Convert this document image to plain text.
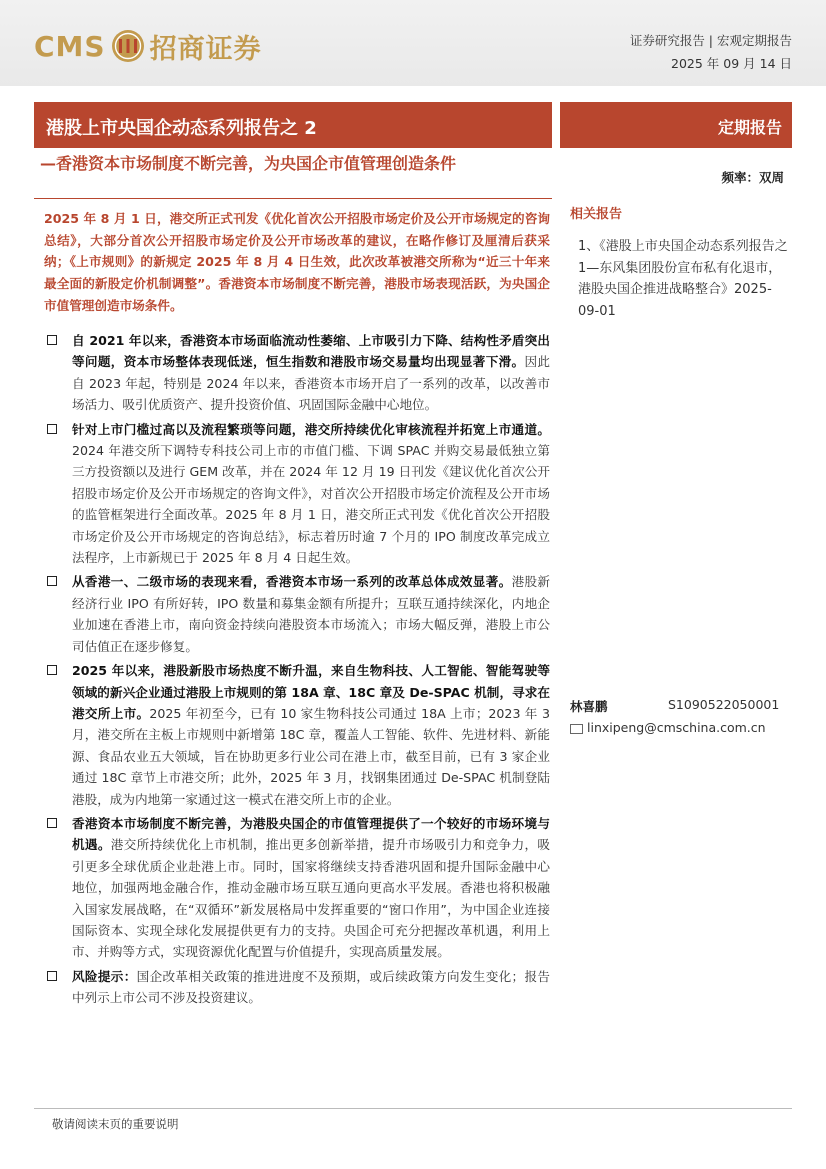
CMS 招商证券	证券研究报告 | 宏观定期报告
2025 年 09 月 14 日
港股上市央国企动态系列报告之 2
—香港资本市场制度不断完善，为央国企市值管理创造条件
定期报告
频率：双周
相关报告
1、《港股上市央国企动态系列报告之 1—东风集团股份宣布私有化退市，港股央国企推进战略整合》2025-09-01
2025 年 8 月 1 日，港交所正式刊发《优化首次公开招股市场定价及公开市场规定的咨询总结》，大部分首次公开招股市场定价及公开市场改革的建议，在略作修订及厘清后获采纳；《上市规则》的新规定 2025 年 8 月 4 日生效，此次改革被港交所称为“近三十年来最全面的新股定价机制调整”。香港资本市场制度不断完善，港股市场表现活跃，为央国企市值管理创造市场条件。
自 2021 年以来，香港资本市场面临流动性萎缩、上市吸引力下降、结构性矛盾突出等问题，资本市场整体表现低迷，恒生指数和港股市场交易量均出现显著下滑。因此自 2023 年起，特别是 2024 年以来，香港资本市场开启了一系列的改革，以改善市场活力、吸引优质资产、提升投资价值、巩固国际金融中心地位。
针对上市门槛过高以及流程繁琐等问题，港交所持续优化审核流程并拓宽上市通道。2024 年港交所下调特专科技公司上市的市值门槛、下调 SPAC 并购交易最低独立第三方投资额以及进行 GEM 改革，并在 2024 年 12 月 19 日刊发《建议优化首次公开招股市场定价及公开市场规定的咨询文件》，对首次公开招股市场定价流程及公开市场的监管框架进行全面改革。2025 年 8 月 1 日，港交所正式刊发《优化首次公开招股市场定价及公开市场规定的咨询总结》，标志着历时逾 7 个月的 IPO 制度改革完成立法程序，上市新规已于 2025 年 8 月 4 日起生效。
从香港一、二级市场的表现来看，香港资本市场一系列的改革总体成效显著。港股新经济行业 IPO 有所好转，IPO 数量和募集金额有所提升；互联互通持续深化，内地企业加速在香港上市，南向资金持续向港股资本市场流入；市场大幅反弹，港股上市公司估值正在逐步修复。
2025 年以来，港股新股市场热度不断升温，来自生物科技、人工智能、智能驾驶等领域的新兴企业通过港股上市规则的第 18A 章、18C 章及 De-SPAC 机制，寻求在港交所上市。2025 年初至今，已有 10 家生物科技公司通过 18A 上市；2023 年 3 月，港交所在主板上市规则中新增第 18C 章，覆盖人工智能、软件、先进材料、新能源、食品农业五大领域，旨在协助更多行业公司在港上市，截至目前，已有 3 家企业通过 18C 章节上市港交所；此外，2025 年 3 月，找钢集团通过 De-SPAC 机制登陆港股，成为内地第一家通过这一模式在港交所上市的企业。
香港资本市场制度不断完善，为港股央国企的市值管理提供了一个较好的市场环境与机遇。港交所持续优化上市机制，推出更多创新举措，提升市场吸引力和竞争力，吸引更多全球优质企业赴港上市。同时，国家将继续支持香港巩固和提升国际金融中心地位，加强两地金融合作，推动金融市场互联互通向更高水平发展。香港也将积极融入国家发展战略，在“双循环”新发展格局中发挥重要的“窗口作用”，为中国企业连接国际资本、实现全球化发展提供更有力的支持。央国企可充分把握改革机遇，利用上市、并购等方式，实现资源优化配置与价值提升，实现高质量发展。
风险提示：国企改革相关政策的推进进度不及预期，或后续政策方向发生变化；报告中列示上市公司不涉及投资建议。
林喜鹏	S1090522050001
linxipeng@cmschina.com.cn
敬请阅读末页的重要说明
